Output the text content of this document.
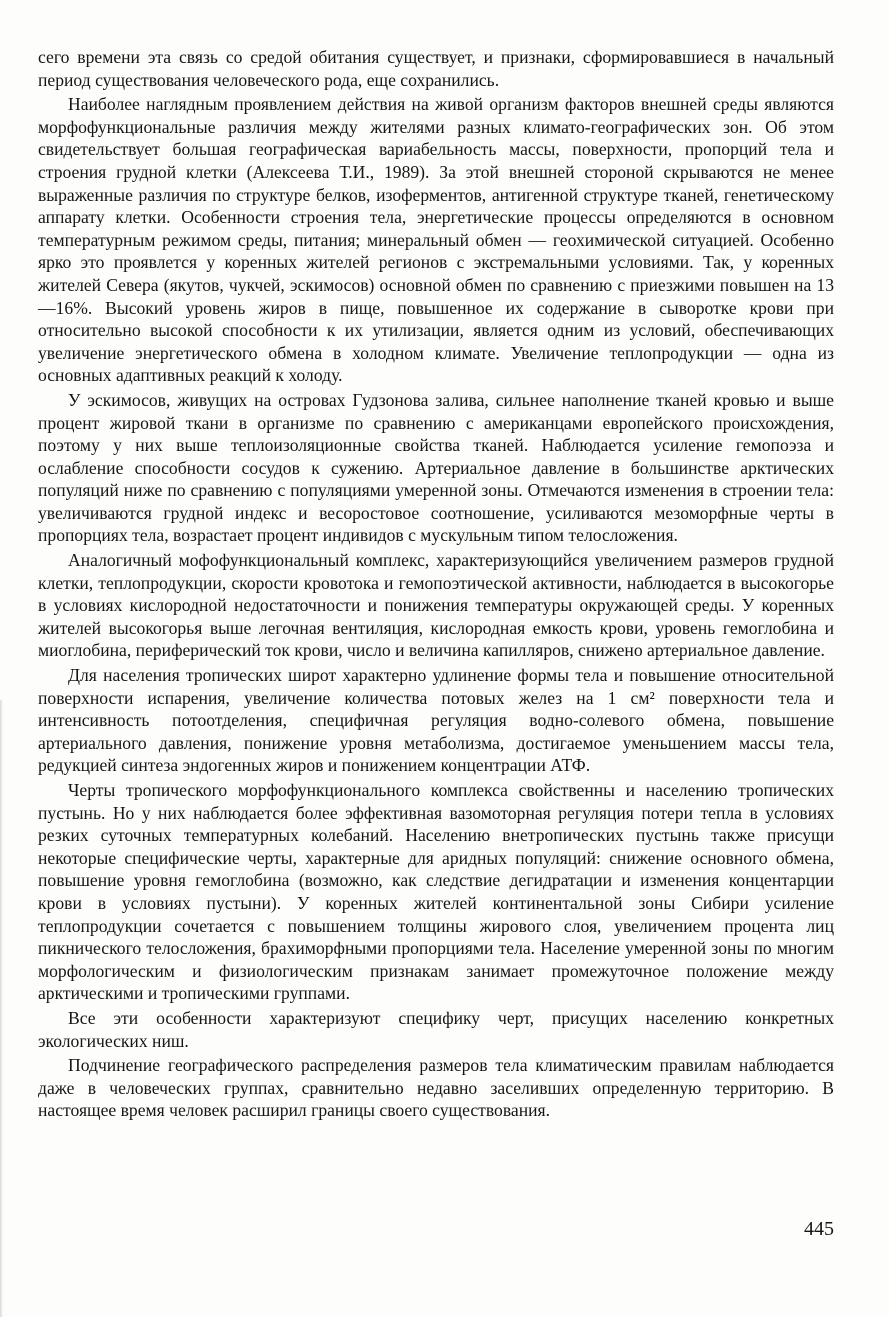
сего времени эта связь со средой обитания существует, и признаки, сформировавшиеся в начальный период существования человеческого рода, еще сохранились.

Наиболее наглядным проявлением действия на живой организм факторов внешней среды являются морфофункциональные различия между жителями разных климато-географических зон. Об этом свидетельствует большая географическая вариабельность массы, поверхности, пропорций тела и строения грудной клетки (Алексеева Т.И., 1989). За этой внешней стороной скрываются не менее выраженные различия по структуре белков, изоферментов, антигенной структуре тканей, генетическому аппарату клетки. Особенности строения тела, энергетические процессы определяются в основном температурным режимом среды, питания; минеральный обмен — геохимической ситуацией. Особенно ярко это проявлется у коренных жителей регионов с экстремальными условиями. Так, у коренных жителей Севера (якутов, чукчей, эскимосов) основной обмен по сравнению с приезжими повышен на 13—16%. Высокий уровень жиров в пище, повышенное их содержание в сыворотке крови при относительно высокой способности к их утилизации, является одним из условий, обеспечивающих увеличение энергетического обмена в холодном климате. Увеличение теплопродукции — одна из основных адаптивных реакций к холоду.

У эскимосов, живущих на островах Гудзонова залива, сильнее наполнение тканей кровью и выше процент жировой ткани в организме по сравнению с американцами европейского происхождения, поэтому у них выше теплоизоляционные свойства тканей. Наблюдается усиление гемопоэза и ослабление способности сосудов к сужению. Артериальное давление в большинстве арктических популяций ниже по сравнению с популяциями умеренной зоны. Отмечаются изменения в строении тела: увеличиваются грудной индекс и весоростовое соотношение, усиливаются мезоморфные черты в пропорциях тела, возрастает процент индивидов с мускульным типом телосложения.

Аналогичный мофофункциональный комплекс, характеризующийся увеличением размеров грудной клетки, теплопродукции, скорости кровотока и гемопоэтической активности, наблюдается в высокогорье в условиях кислородной недостаточности и понижения температуры окружающей среды. У коренных жителей высокогорья выше легочная вентиляция, кислородная емкость крови, уровень гемоглобина и миоглобина, периферический ток крови, число и величина капилляров, снижено артериальное давление.

Для населения тропических широт характерно удлинение формы тела и повышение относительной поверхности испарения, увеличение количества потовых желез на 1 см² поверхности тела и интенсивность потоотделения, специфичная регуляция водно-солевого обмена, повышение артериального давления, понижение уровня метаболизма, достигаемое уменьшением массы тела, редукцией синтеза эндогенных жиров и понижением концентрации АТФ.

Черты тропического морфофункционального комплекса свойственны и населению тропических пустынь. Но у них наблюдается более эффективная вазомоторная регуляция потери тепла в условиях резких суточных температурных колебаний. Населению внетропических пустынь также присущи некоторые специфические черты, характерные для аридных популяций: снижение основного обмена, повышение уровня гемоглобина (возможно, как следствие дегидратации и изменения концентарции крови в условиях пустыни). У коренных жителей континентальной зоны Сибири усиление теплопродукции сочетается с повышением толщины жирового слоя, увеличением процента лиц пикнического телосложения, брахиморфными пропорциями тела. Население умеренной зоны по многим морфологическим и физиологическим признакам занимает промежуточное положение между арктическими и тропическими группами.

Все эти особенности характеризуют специфику черт, присущих населению конкретных экологических ниш.

Подчинение географического распределения размеров тела климатическим правилам наблюдается даже в человеческих группах, сравнительно недавно заселивших определенную территорию. В настоящее время человек расширил границы своего существования.

445
